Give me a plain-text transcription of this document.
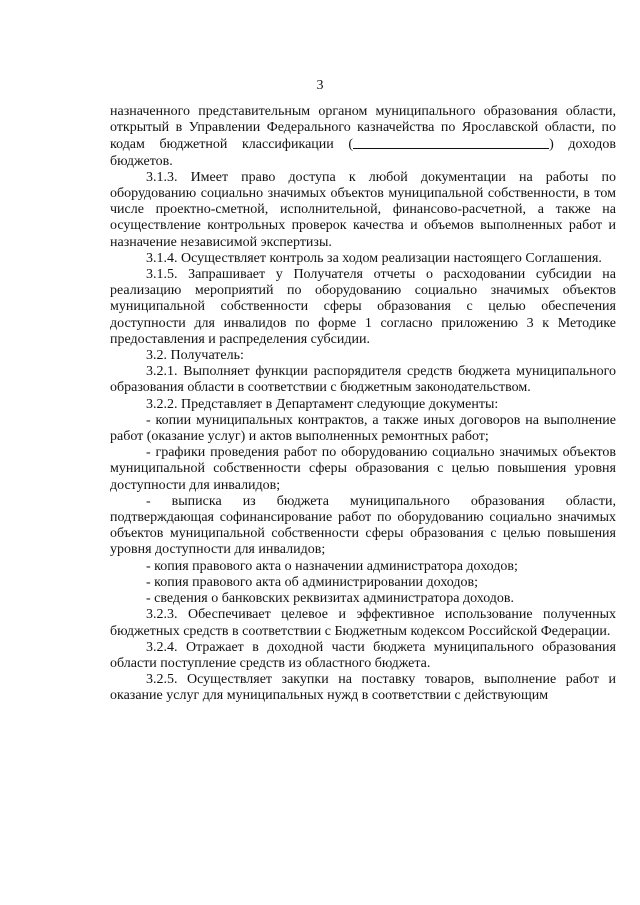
3

назначенного представительным органом муниципального образования области, открытый в Управлении Федерального казначейства по Ярославской области, по кодам бюджетной классификации (	) доходов бюджетов.

3.1.3. Имеет право доступа к любой документации на работы по оборудованию социально значимых объектов муниципальной собственности, в том числе проектно-сметной, исполнительной, финансово-расчетной, а также на осуществление контрольных проверок качества и объемов выполненных работ и назначение независимой экспертизы.

3.1.4. Осуществляет контроль за ходом реализации настоящего Соглашения.

3.1.5. Запрашивает у Получателя отчеты о расходовании субсидии на реализацию мероприятий по оборудованию социально значимых объектов муниципальной собственности сферы образования с целью обеспечения доступности для инвалидов по форме 1 согласно приложению 3 к Методике предоставления и распределения субсидии.

3.2. Получатель:

3.2.1. Выполняет функции распорядителя средств бюджета муниципального образования области в соответствии с бюджетным законодательством.

3.2.2. Представляет в Департамент следующие документы:

- копии муниципальных контрактов, а также иных договоров на выполнение работ (оказание услуг) и актов выполненных ремонтных работ;

- графики проведения работ по оборудованию социально значимых объектов муниципальной собственности сферы образования с целью повышения уровня доступности для инвалидов;

- выписка из бюджета муниципального образования области, подтверждающая софинансирование работ по оборудованию социально значимых объектов муниципальной собственности сферы образования с целью повышения уровня доступности для инвалидов;

- копия правового акта о назначении администратора доходов;

- копия правового акта об администрировании доходов;

- сведения о банковских реквизитах администратора доходов.

3.2.3. Обеспечивает целевое и эффективное использование полученных бюджетных средств в соответствии с Бюджетным кодексом Российской Федерации.

3.2.4. Отражает в доходной части бюджета муниципального образования области поступление средств из областного бюджета.

3.2.5. Осуществляет закупки на поставку товаров, выполнение работ и оказание услуг для муниципальных нужд в соответствии с действующим
